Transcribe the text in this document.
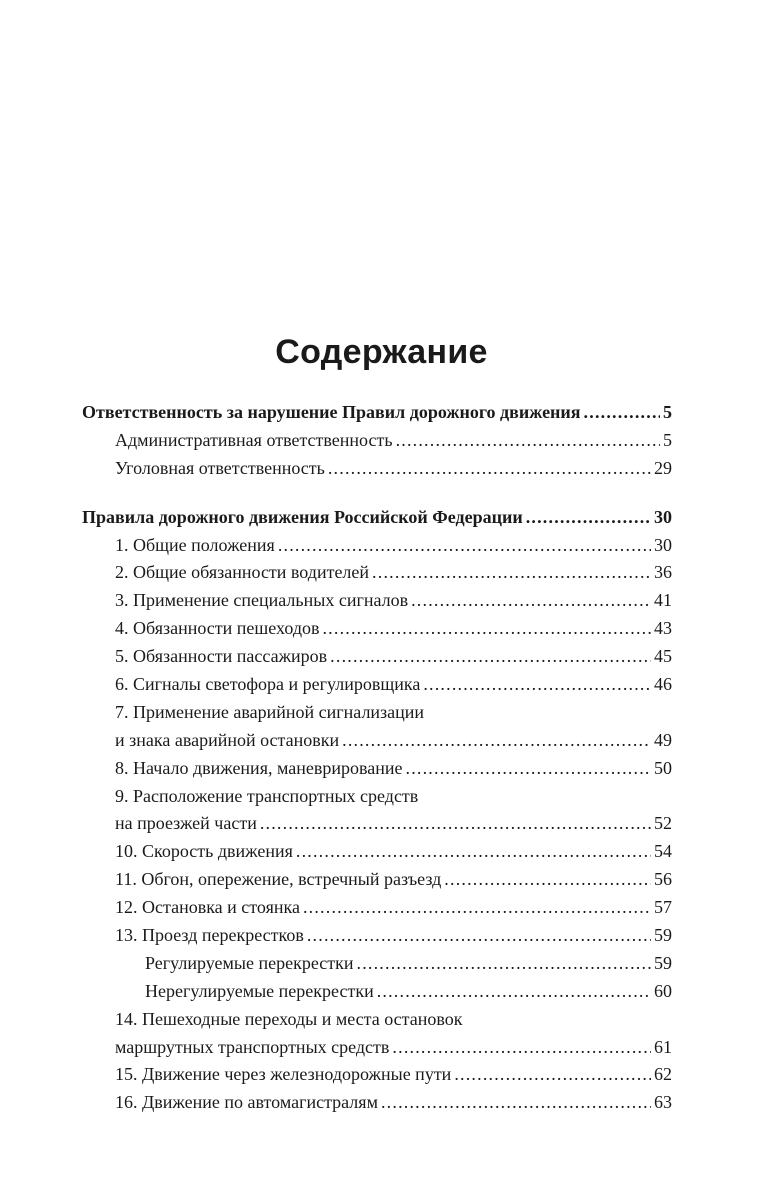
Содержание
Ответственность за нарушение Правил дорожного движения .....	5
Административная ответственность .....	5
Уголовная ответственность .....	29
Правила дорожного движения Российской Федерации .....	30
1. Общие положения .....	30
2. Общие обязанности водителей .....	36
3. Применение специальных сигналов .....	41
4. Обязанности пешеходов .....	43
5. Обязанности пассажиров .....	45
6. Сигналы светофора и регулировщика .....	46
7. Применение аварийной сигнализации
и знака аварийной остановки .....	49
8. Начало движения, маневрирование .....	50
9. Расположение транспортных средств
на проезжей части .....	52
10. Скорость движения .....	54
11. Обгон, опережение, встречный разъезд .....	56
12. Остановка и стоянка .....	57
13. Проезд перекрестков .....	59
Регулируемые перекрестки .....	59
Нерегулируемые перекрестки .....	60
14. Пешеходные переходы и места остановок
маршрутных транспортных средств .....	61
15. Движение через железнодорожные пути .....	62
16. Движение по автомагистралям .....	63
